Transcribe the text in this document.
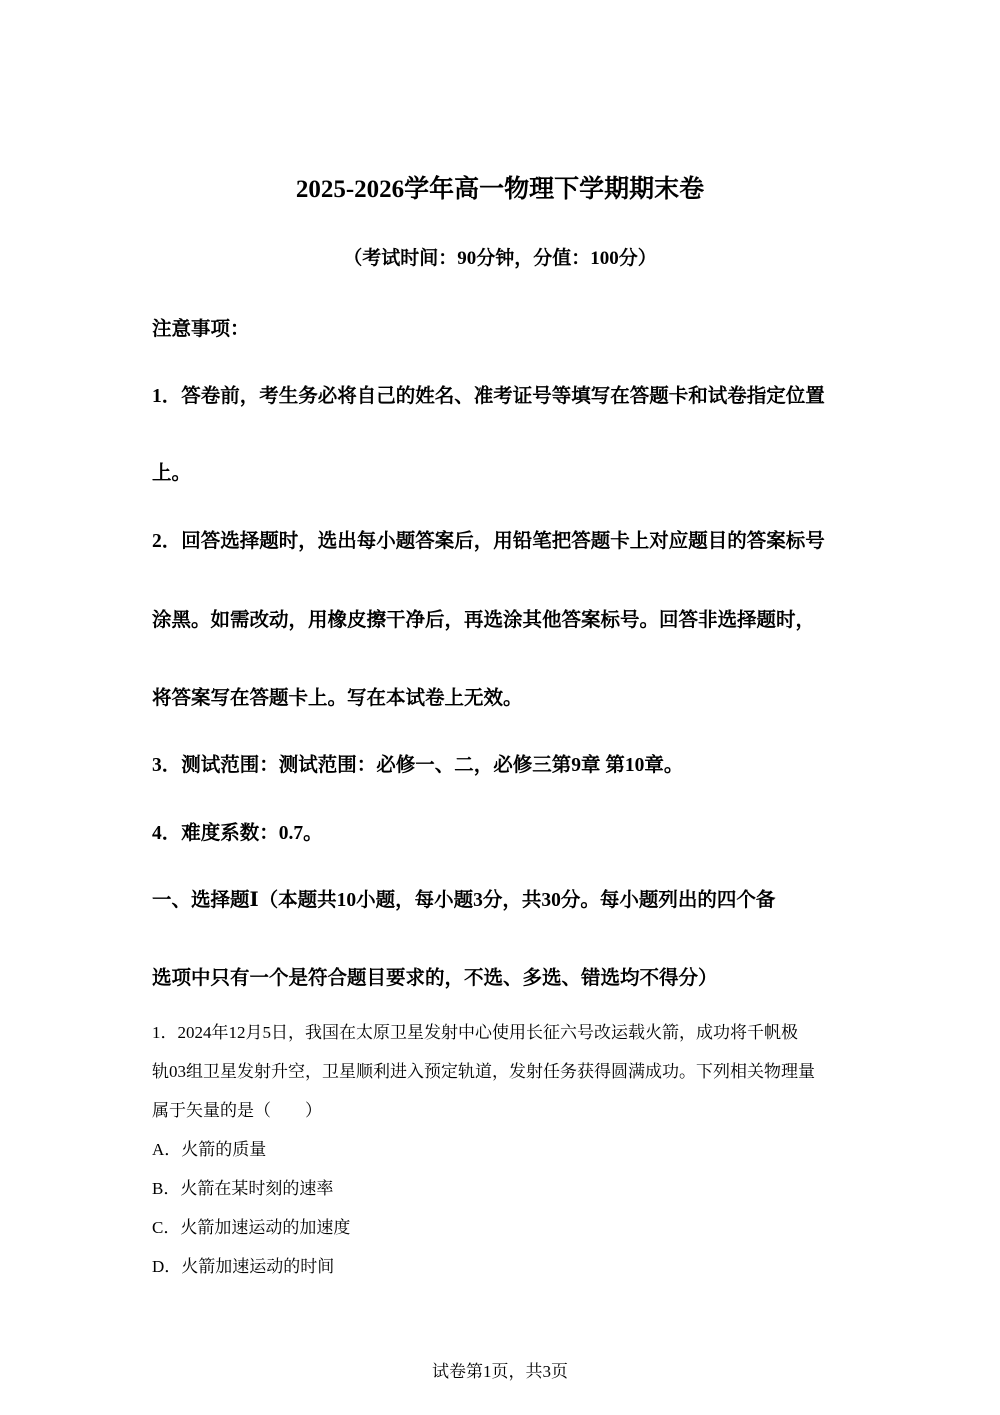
2025-2026学年高一物理下学期期末卷
（考试时间：90分钟，分值：100分）
注意事项：
1．答卷前，考生务必将自己的姓名、准考证号等填写在答题卡和试卷指定位置
上。
2．回答选择题时，选出每小题答案后，用铅笔把答题卡上对应题目的答案标号
涂黑。如需改动，用橡皮擦干净后，再选涂其他答案标号。回答非选择题时，
将答案写在答题卡上。写在本试卷上无效。
3．测试范围：测试范围：必修一、二，必修三第9章 第10章。
4．难度系数：0.7。
一、选择题Ⅰ（本题共10小题，每小题3分，共30分。每小题列出的四个备
选项中只有一个是符合题目要求的，不选、多选、错选均不得分）
1．2024年12月5日，我国在太原卫星发射中心使用长征六号改运载火箭，成功将千帆极
轨03组卫星发射升空，卫星顺利进入预定轨道，发射任务获得圆满成功。下列相关物理量
属于矢量的是（　　）
A．火箭的质量
B．火箭在某时刻的速率
C．火箭加速运动的加速度
D．火箭加速运动的时间
试卷第1页，共3页
